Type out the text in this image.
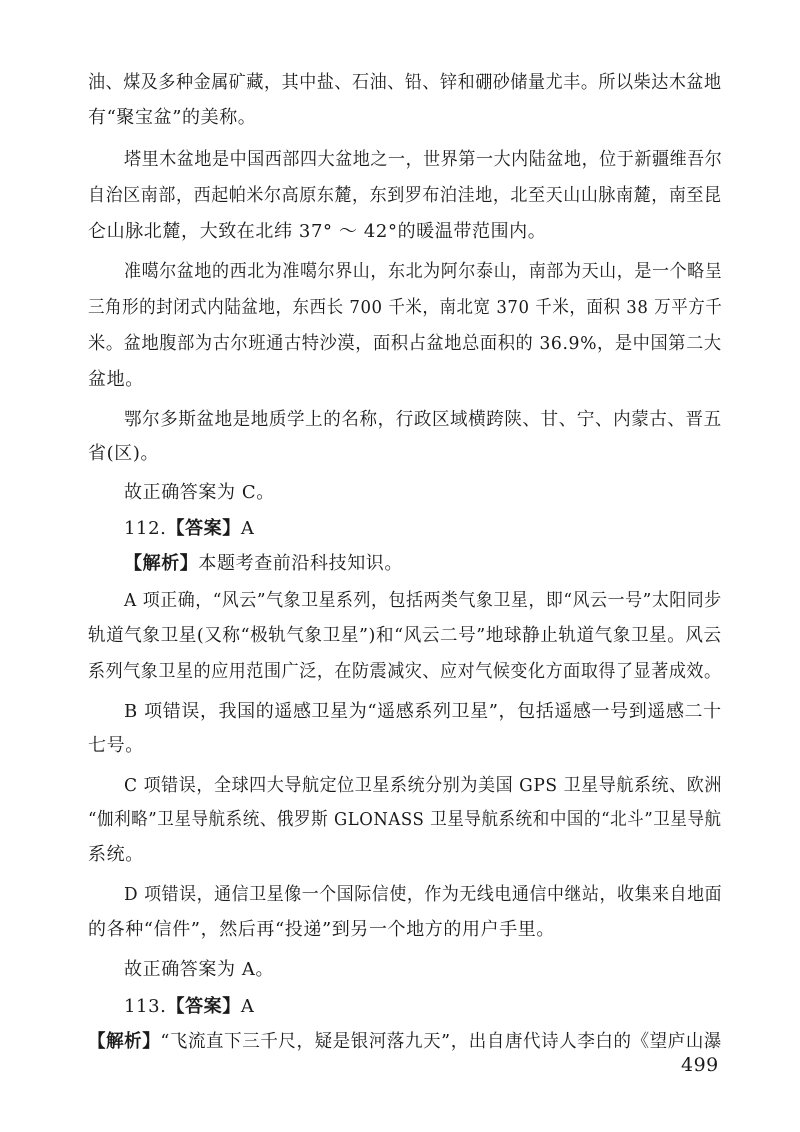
油、煤及多种金属矿藏，其中盐、石油、铅、锌和硼砂储量尤丰。所以柴达木盆地
有“聚宝盆”的美称。
塔里木盆地是中国西部四大盆地之一，世界第一大内陆盆地，位于新疆维吾尔
自治区南部，西起帕米尔高原东麓，东到罗布泊洼地，北至天山山脉南麓，南至昆
仑山脉北麓，大致在北纬 37° ～ 42°的暖温带范围内。
准噶尔盆地的西北为准噶尔界山，东北为阿尔泰山，南部为天山，是一个略呈
三角形的封闭式内陆盆地，东西长 700 千米，南北宽 370 千米，面积 38 万平方千
米。盆地腹部为古尔班通古特沙漠，面积占盆地总面积的 36.9%，是中国第二大
盆地。
鄂尔多斯盆地是地质学上的名称，行政区域横跨陕、甘、宁、内蒙古、晋五
省(区)。
故正确答案为 C。
112.【答案】A
【解析】本题考查前沿科技知识。
A 项正确，“风云”气象卫星系列，包括两类气象卫星，即“风云一号”太阳同步
轨道气象卫星(又称“极轨气象卫星”)和“风云二号”地球静止轨道气象卫星。风云
系列气象卫星的应用范围广泛，在防震减灾、应对气候变化方面取得了显著成效。
B 项错误，我国的遥感卫星为“遥感系列卫星”，包括遥感一号到遥感二十
七号。
C 项错误，全球四大导航定位卫星系统分别为美国 GPS 卫星导航系统、欧洲
“伽利略”卫星导航系统、俄罗斯 GLONASS 卫星导航系统和中国的“北斗”卫星导航
系统。
D 项错误，通信卫星像一个国际信使，作为无线电通信中继站，收集来自地面
的各种“信件”，然后再“投递”到另一个地方的用户手里。
故正确答案为 A。
113.【答案】A
【解析】“飞流直下三千尺，疑是银河落九天”，出自唐代诗人李白的《望庐山瀑
499
